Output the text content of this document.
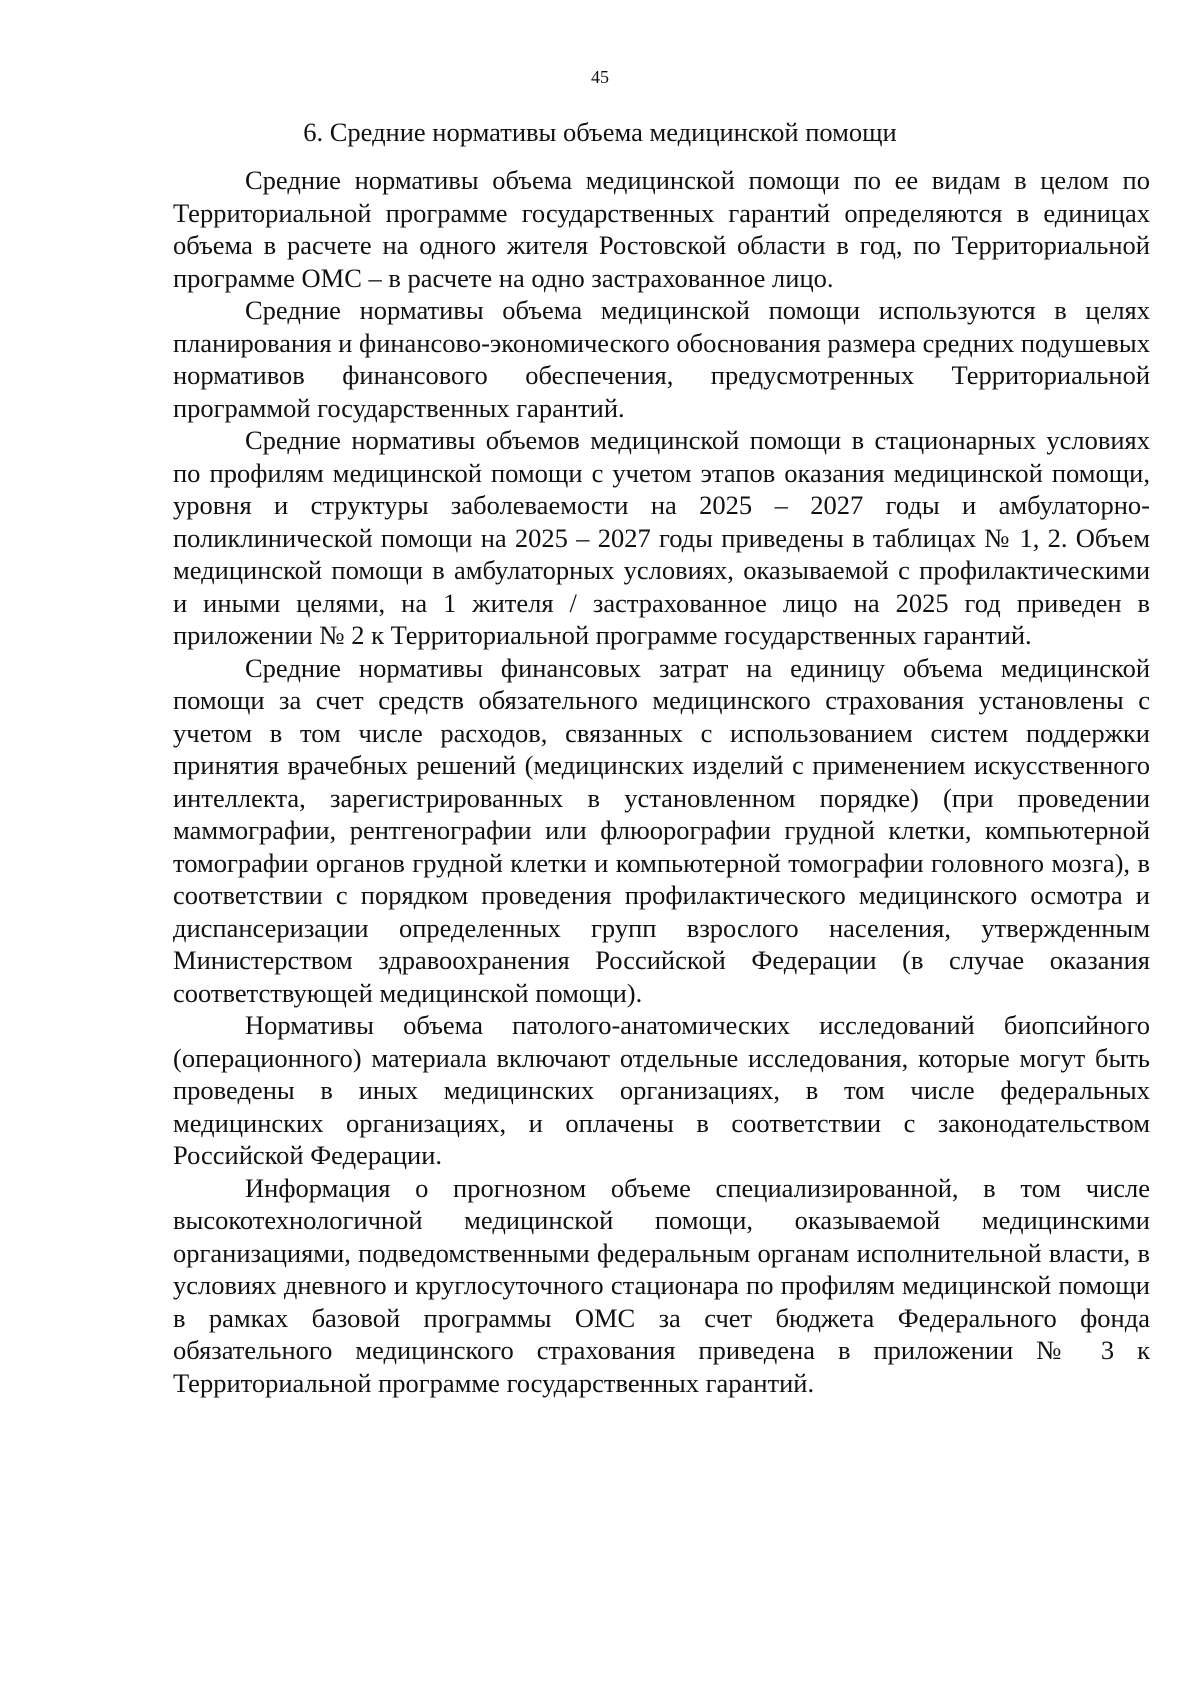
45
6. Средние нормативы объема медицинской помощи

Средние нормативы объема медицинской помощи по ее видам в целом по Территориальной программе государственных гарантий определяются в единицах объема в расчете на одного жителя Ростовской области в год, по Территориальной программе ОМС – в расчете на одно застрахованное лицо.

Средние нормативы объема медицинской помощи используются в целях планирования и финансово-экономического обоснования размера средних подушевых нормативов финансового обеспечения, предусмотренных Территориальной программой государственных гарантий.

Средние нормативы объемов медицинской помощи в стационарных условиях по профилям медицинской помощи с учетом этапов оказания медицинской помощи, уровня и структуры заболеваемости на 2025 – 2027 годы и амбулаторно-поликлинической помощи на 2025 – 2027 годы приведены в таблицах № 1, 2. Объем медицинской помощи в амбулаторных условиях, оказываемой с профилактическими и иными целями, на 1 жителя / застрахованное лицо на 2025 год приведен в приложении № 2 к Территориальной программе государственных гарантий.

Средние нормативы финансовых затрат на единицу объема медицинской помощи за счет средств обязательного медицинского страхования установлены с учетом в том числе расходов, связанных с использованием систем поддержки принятия врачебных решений (медицинских изделий с применением искусственного интеллекта, зарегистрированных в установленном порядке) (при проведении маммографии, рентгенографии или флюорографии грудной клетки, компьютерной томографии органов грудной клетки и компьютерной томографии головного мозга), в соответствии с порядком проведения профилактического медицинского осмотра и диспансеризации определенных групп взрослого населения, утвержденным Министерством здравоохранения Российской Федерации (в случае оказания соответствующей медицинской помощи).

Нормативы объема патолого-анатомических исследований биопсийного (операционного) материала включают отдельные исследования, которые могут быть проведены в иных медицинских организациях, в том числе федеральных медицинских организациях, и оплачены в соответствии с законодательством Российской Федерации.

Информация о прогнозном объеме специализированной, в том числе высокотехнологичной медицинской помощи, оказываемой медицинскими организациями, подведомственными федеральным органам исполнительной власти, в условиях дневного и круглосуточного стационара по профилям медицинской помощи в рамках базовой программы ОМС за счет бюджета Федерального фонда обязательного медицинского страхования приведена в приложении № 3 к Территориальной программе государственных гарантий.
